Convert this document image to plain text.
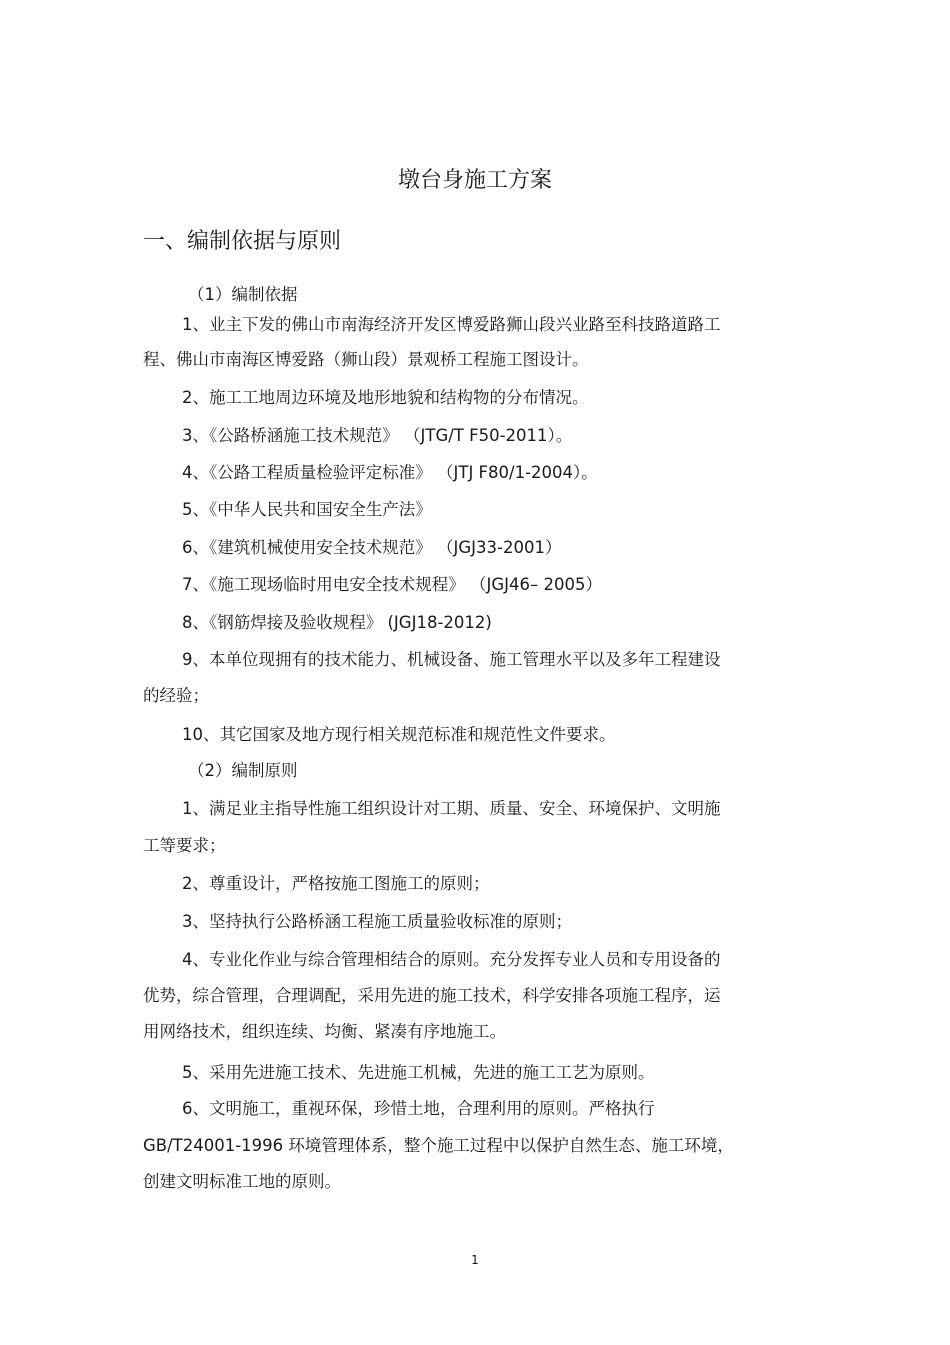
墩台身施工方案
一、编制依据与原则
（1）编制依据
1、业主下发的佛山市南海经济开发区博爱路狮山段兴业路至科技路道路工
程、佛山市南海区博爱路（狮山段）景观桥工程施工图设计。
2、施工工地周边环境及地形地貌和结构物的分布情况。
3、《公路桥涵施工技术规范》 （JTG/T F50-2011）。
4、《公路工程质量检验评定标准》 （JTJ F80/1-2004）。
5、《中华人民共和国安全生产法》
6、《建筑机械使用安全技术规范》 （JGJ33-2001）
7、《施工现场临时用电安全技术规程》 （JGJ46– 2005）
8、《钢筋焊接及验收规程》 (JGJ18-2012)
9、本单位现拥有的技术能力、机械设备、施工管理水平以及多年工程建设
的经验；
10、其它国家及地方现行相关规范标准和规范性文件要求。
（2）编制原则
1、满足业主指导性施工组织设计对工期、质量、安全、环境保护、文明施
工等要求；
2、尊重设计，严格按施工图施工的原则；
3、坚持执行公路桥涵工程施工质量验收标准的原则；
4、专业化作业与综合管理相结合的原则。充分发挥专业人员和专用设备的
优势，综合管理，合理调配，采用先进的施工技术，科学安排各项施工程序，运
用网络技术，组织连续、均衡、紧凑有序地施工。
5、采用先进施工技术、先进施工机械，先进的施工工艺为原则。
6、文明施工，重视环保，珍惜土地，合理利用的原则。严格执行
GB/T24001-1996 环境管理体系，整个施工过程中以保护自然生态、施工环境，
创建文明标准工地的原则。
1
